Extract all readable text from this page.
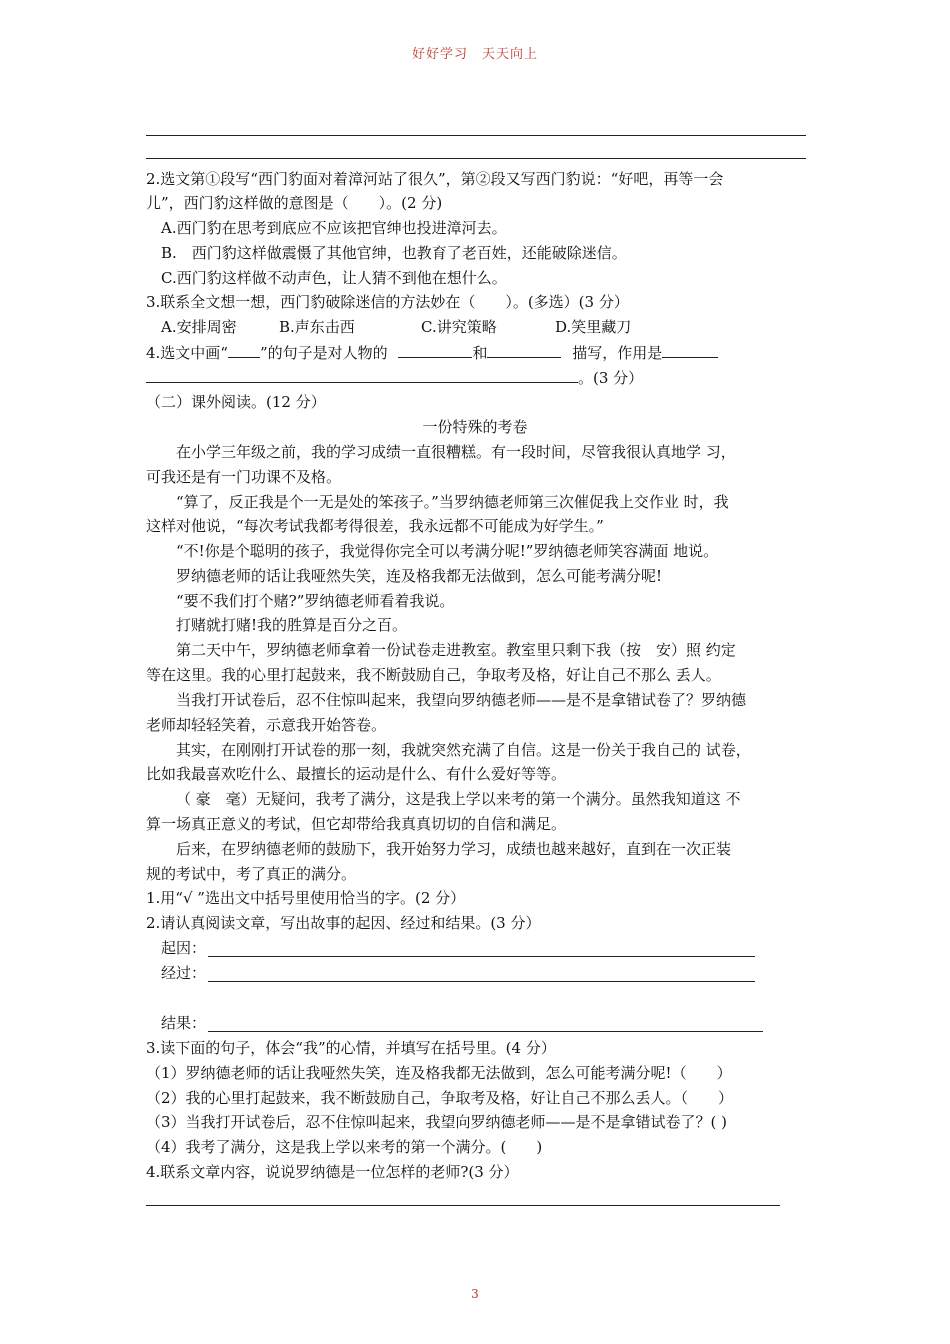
好好学习　天天向上
2.选文第①段写“西门豹面对着漳河站了很久”，第②段又写西门豹说：“好吧，再等一会
儿”，西门豹这样做的意图是（　　）。(2 分)
A.西门豹在思考到底应不应该把官绅也投进漳河去。
B.　西门豹这样做震慑了其他官绅，也教育了老百姓，还能破除迷信。
C.西门豹这样做不动声色，让人猜不到他在想什么。
3.联系全文想一想，西门豹破除迷信的方法妙在（　　）。(多选）(3 分）
A.安排周密	B.声东击西	C.讲究策略	D.笑里藏刀
4.选文中画“ ”的句子是对人物的	和	描写，作用是
。(3 分）
（二）课外阅读。(12 分）
一份特殊的考卷
在小学三年级之前，我的学习成绩一直很糟糕。有一段时间，尽管我很认真地学 习，
可我还是有一门功课不及格。
“算了，反正我是个一无是处的笨孩子。”当罗纳德老师第三次催促我上交作业 时，我
这样对他说，“每次考试我都考得很差，我永远都不可能成为好学生。”
“不!你是个聪明的孩子，我觉得你完全可以考满分呢!”罗纳德老师笑容满面 地说。
罗纳德老师的话让我哑然失笑，连及格我都无法做到，怎么可能考满分呢!
“要不我们打个赌?”罗纳德老师看着我说。
打赌就打赌!我的胜算是百分之百。
第二天中午，罗纳德老师拿着一份试卷走进教室。教室里只剩下我（按　安）照 约定
等在这里。我的心里打起鼓来，我不断鼓励自己，争取考及格，好让自己不那么 丢人。
当我打开试卷后，忍不住惊叫起来，我望向罗纳德老师——是不是拿错试卷了？罗纳德
老师却轻轻笑着，示意我开始答卷。
其实，在刚刚打开试卷的那一刻，我就突然充满了自信。这是一份关于我自己的 试卷，
比如我最喜欢吃什么、最擅长的运动是什么、有什么爱好等等。
（ 豪　毫）无疑问，我考了满分，这是我上学以来考的第一个满分。虽然我知道这 不
算一场真正意义的考试，但它却带给我真真切切的自信和满足。
后来，在罗纳德老师的鼓励下，我开始努力学习，成绩也越来越好，直到在一次正装
规的考试中，考了真正的满分。
1.用“√ ”选出文中括号里使用恰当的字。(2 分）
2.请认真阅读文章，写出故事的起因、经过和结果。(3 分）
起因：
经过：
结果：
3.读下面的句子，体会“我”的心情，并填写在括号里。(4 分）
（1）罗纳德老师的话让我哑然失笑，连及格我都无法做到，怎么可能考满分呢!（　　）
（2）我的心里打起鼓来，我不断鼓励自己，争取考及格，好让自己不那么丢人。（　　）
（3）当我打开试卷后，忍不住惊叫起来，我望向罗纳德老师——是不是拿错试卷了？( )
（4）我考了满分，这是我上学以来考的第一个满分。(　　)
4.联系文章内容，说说罗纳德是一位怎样的老师?(3 分）
3
